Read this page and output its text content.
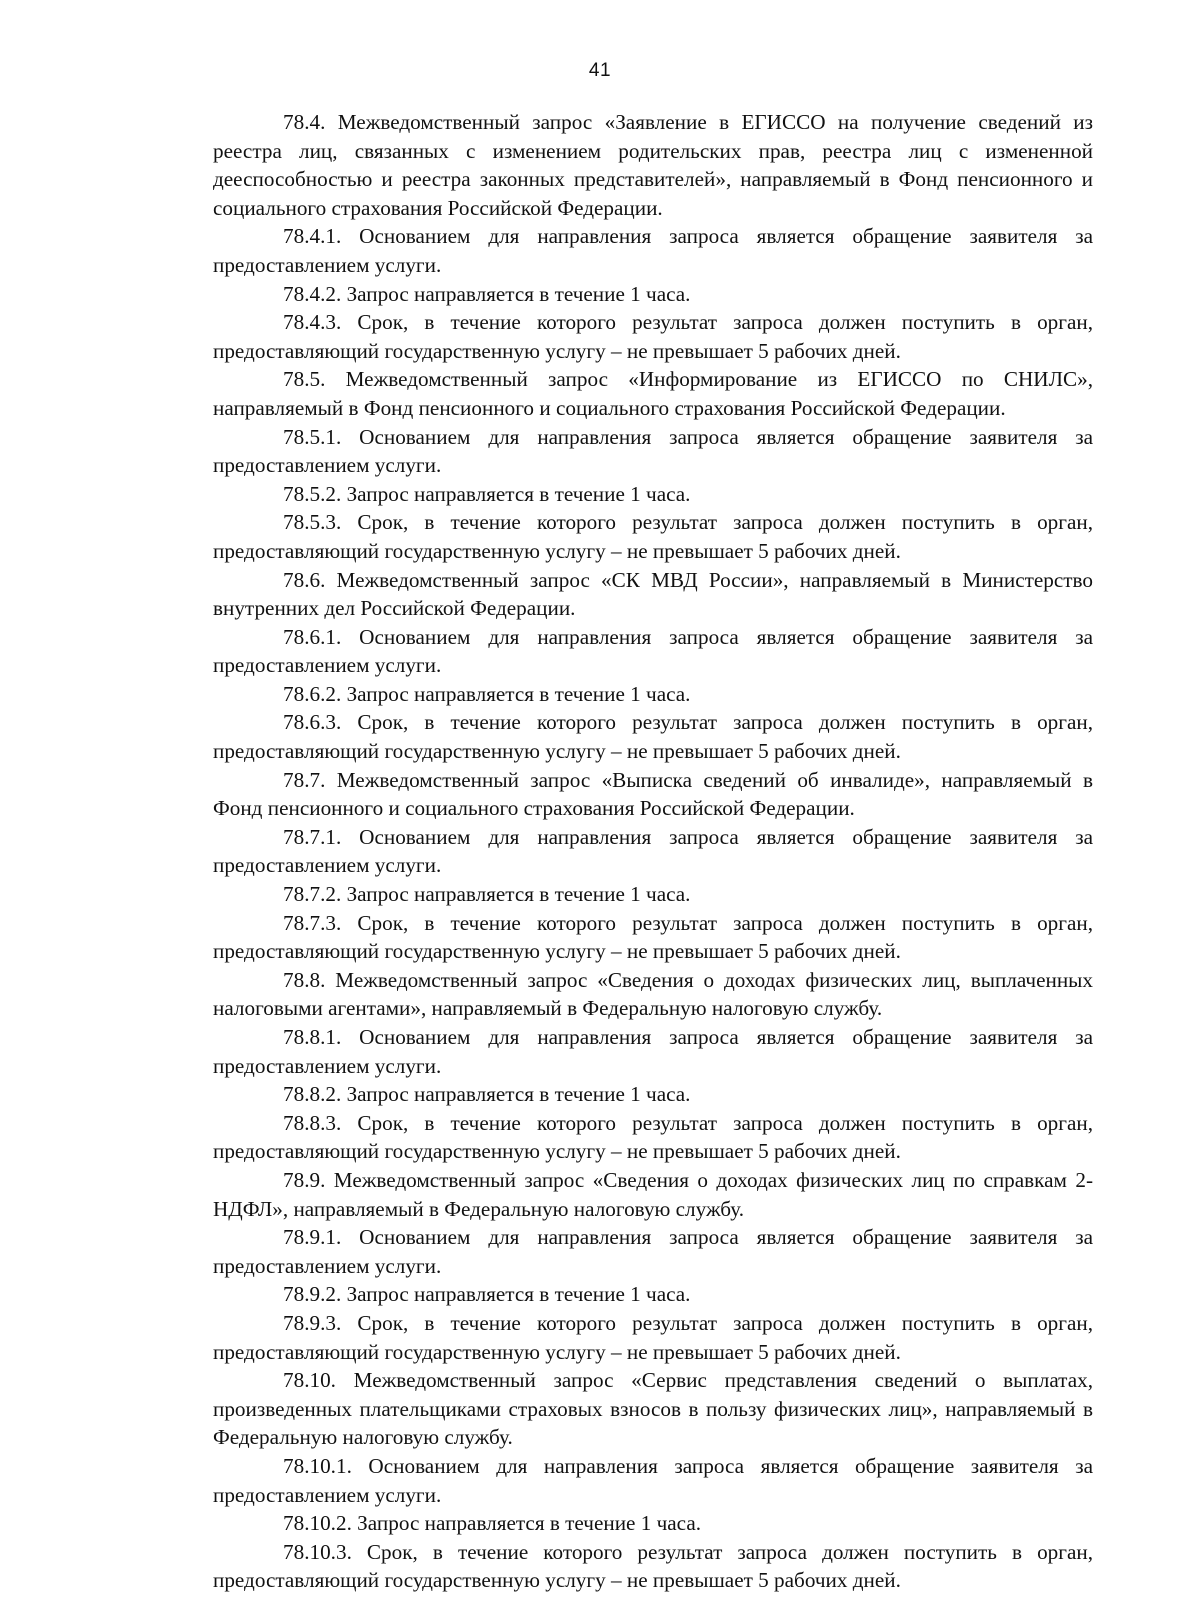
41

78.4. Межведомственный запрос «Заявление в ЕГИССО на получение сведений из реестра лиц, связанных с изменением родительских прав, реестра лиц с измененной дееспособностью и реестра законных представителей», направляемый в Фонд пенсионного и социального страхования Российской Федерации.

78.4.1. Основанием для направления запроса является обращение заявителя за предоставлением услуги.

78.4.2. Запрос направляется в течение 1 часа.

78.4.3. Срок, в течение которого результат запроса должен поступить в орган, предоставляющий государственную услугу – не превышает 5 рабочих дней.

78.5. Межведомственный запрос «Информирование из ЕГИССО по СНИЛС», направляемый в Фонд пенсионного и социального страхования Российской Федерации.

78.5.1. Основанием для направления запроса является обращение заявителя за предоставлением услуги.

78.5.2. Запрос направляется в течение 1 часа.

78.5.3. Срок, в течение которого результат запроса должен поступить в орган, предоставляющий государственную услугу – не превышает 5 рабочих дней.

78.6. Межведомственный запрос «СК МВД России», направляемый в Министерство внутренних дел Российской Федерации.

78.6.1. Основанием для направления запроса является обращение заявителя за предоставлением услуги.

78.6.2. Запрос направляется в течение 1 часа.

78.6.3. Срок, в течение которого результат запроса должен поступить в орган, предоставляющий государственную услугу – не превышает 5 рабочих дней.

78.7. Межведомственный запрос «Выписка сведений об инвалиде», направляемый в Фонд пенсионного и социального страхования Российской Федерации.

78.7.1. Основанием для направления запроса является обращение заявителя за предоставлением услуги.

78.7.2. Запрос направляется в течение 1 часа.

78.7.3. Срок, в течение которого результат запроса должен поступить в орган, предоставляющий государственную услугу – не превышает 5 рабочих дней.

78.8. Межведомственный запрос «Сведения о доходах физических лиц, выплаченных налоговыми агентами», направляемый в Федеральную налоговую службу.

78.8.1. Основанием для направления запроса является обращение заявителя за предоставлением услуги.

78.8.2. Запрос направляется в течение 1 часа.

78.8.3. Срок, в течение которого результат запроса должен поступить в орган, предоставляющий государственную услугу – не превышает 5 рабочих дней.

78.9. Межведомственный запрос «Сведения о доходах физических лиц по справкам 2-НДФЛ», направляемый в Федеральную налоговую службу.

78.9.1. Основанием для направления запроса является обращение заявителя за предоставлением услуги.

78.9.2. Запрос направляется в течение 1 часа.

78.9.3. Срок, в течение которого результат запроса должен поступить в орган, предоставляющий государственную услугу – не превышает 5 рабочих дней.

78.10. Межведомственный запрос «Сервис представления сведений о выплатах, произведенных плательщиками страховых взносов в пользу физических лиц», направляемый в Федеральную налоговую службу.

78.10.1. Основанием для направления запроса является обращение заявителя за предоставлением услуги.

78.10.2. Запрос направляется в течение 1 часа.

78.10.3. Срок, в течение которого результат запроса должен поступить в орган, предоставляющий государственную услугу – не превышает 5 рабочих дней.
